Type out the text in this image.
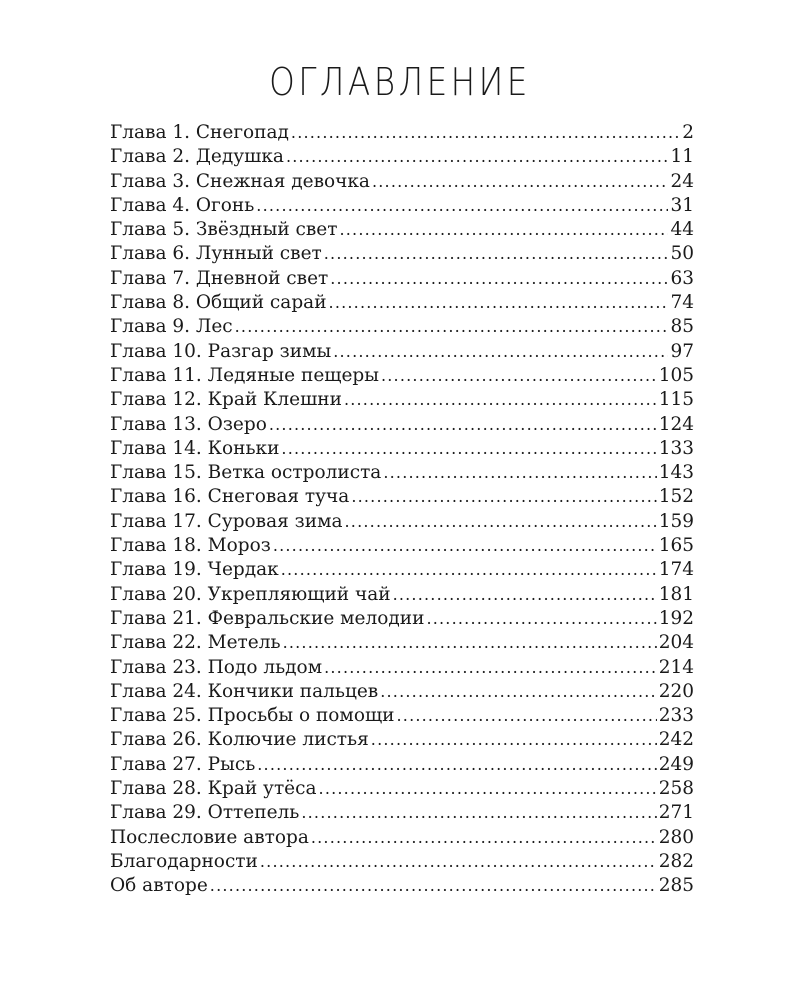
ОГЛАВЛЕНИЕ
Глава 1. Снегопад .....	2
Глава 2. Дедушка .....	11
Глава 3. Снежная девочка .....	24
Глава 4. Огонь .....	31
Глава 5. Звёздный свет .....	44
Глава 6. Лунный свет .....	50
Глава 7. Дневной свет .....	63
Глава 8. Общий сарай .....	74
Глава 9. Лес .....	85
Глава 10. Разгар зимы .....	97
Глава 11. Ледяные пещеры .....	105
Глава 12. Край Клешни .....	115
Глава 13. Озеро .....	124
Глава 14. Коньки .....	133
Глава 15. Ветка остролиста .....	143
Глава 16. Снеговая туча .....	152
Глава 17. Суровая зима .....	159
Глава 18. Мороз .....	165
Глава 19. Чердак .....	174
Глава 20. Укрепляющий чай .....	181
Глава 21. Февральские мелодии .....	192
Глава 22. Метель .....	204
Глава 23. Подо льдом .....	214
Глава 24. Кончики пальцев .....	220
Глава 25. Просьбы о помощи .....	233
Глава 26. Колючие листья .....	242
Глава 27. Рысь .....	249
Глава 28. Край утёса .....	258
Глава 29. Оттепель .....	271
Послесловие автора .....	280
Благодарности .....	282
Об авторе .....	285
